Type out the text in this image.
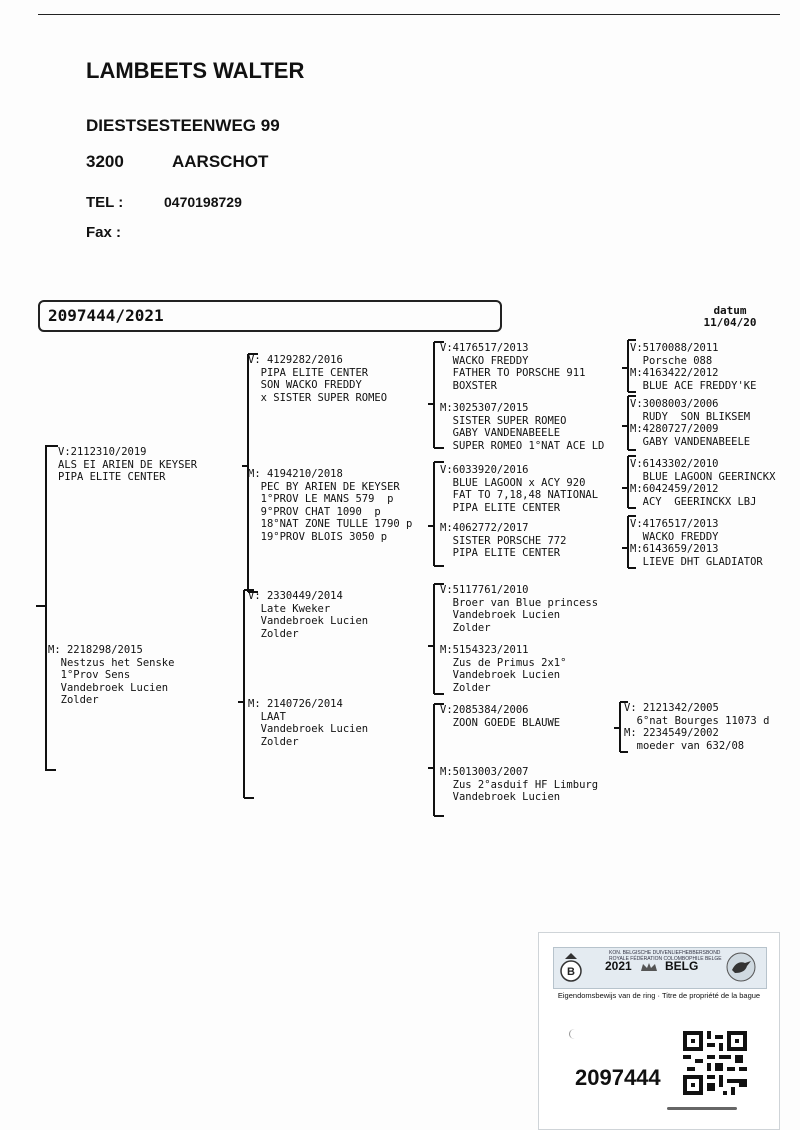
LAMBEETS WALTER
DIESTSESTEENWEG 99
3200	AARSCHOT
TEL :	0470198729
Fax :
2097444/2021	datum
11/04/20
V:2112310/2019
ALS EI ARIEN DE KEYSER
PIPA ELITE CENTER
M: 2218298/2015
Nestzus het Senske
1°Prov Sens
Vandebroek Lucien
Zolder
V: 4129282/2016
PIPA ELITE CENTER
SON WACKO FREDDY
x SISTER SUPER ROMEO
M: 4194210/2018
PEC BY ARIEN DE KEYSER
1°PROV LE MANS 579  p
9°PROV CHAT 1090  p
18°NAT ZONE TULLE 1790 p
19°PROV BLOIS 3050 p
V: 2330449/2014
Late Kweker
Vandebroek Lucien
Zolder
M: 2140726/2014
LAAT
Vandebroek Lucien
Zolder
V:4176517/2013
WACKO FREDDY
FATHER TO PORSCHE 911
BOXSTER
M:3025307/2015
SISTER SUPER ROMEO
GABY VANDENABEELE
SUPER ROMEO 1°NAT ACE LD
V:6033920/2016
BLUE LAGOON x ACY 920
FAT TO 7,18,48 NATIONAL
PIPA ELITE CENTER
M:4062772/2017
SISTER PORSCHE 772
PIPA ELITE CENTER
V:5117761/2010
Broer van Blue princess
Vandebroek Lucien
Zolder
M:5154323/2011
Zus de Primus 2x1°
Vandebroek Lucien
Zolder
V:2085384/2006
ZOON GOEDE BLAUWE
M:5013003/2007
Zus 2°asduif HF Limburg
Vandebroek Lucien
V:5170088/2011
Porsche 088
M:4163422/2012
BLUE ACE FREDDY'KE
V:3008003/2006
RUDY  SON BLIKSEM
M:4280727/2009
GABY VANDENABEELE
V:6143302/2010
BLUE LAGOON GEERINCKX
M:6042459/2012
ACY  GEERINCKX LBJ
V:4176517/2013
WACKO FREDDY
M:6143659/2013
LIEVE DHT GLADIATOR
V: 2121342/2005
6°nat Bourges 11073 d
M: 2234549/2002
moeder van 632/08
B
KON. BELGISCHE DUIVENLIEFHEBBERSBOND
ROYALE FÉDÉRATION COLOMBOPHILE BELGE
2021	BELG
Eigendomsbewijs van de ring · Titre de propriété de la bague
2097444
